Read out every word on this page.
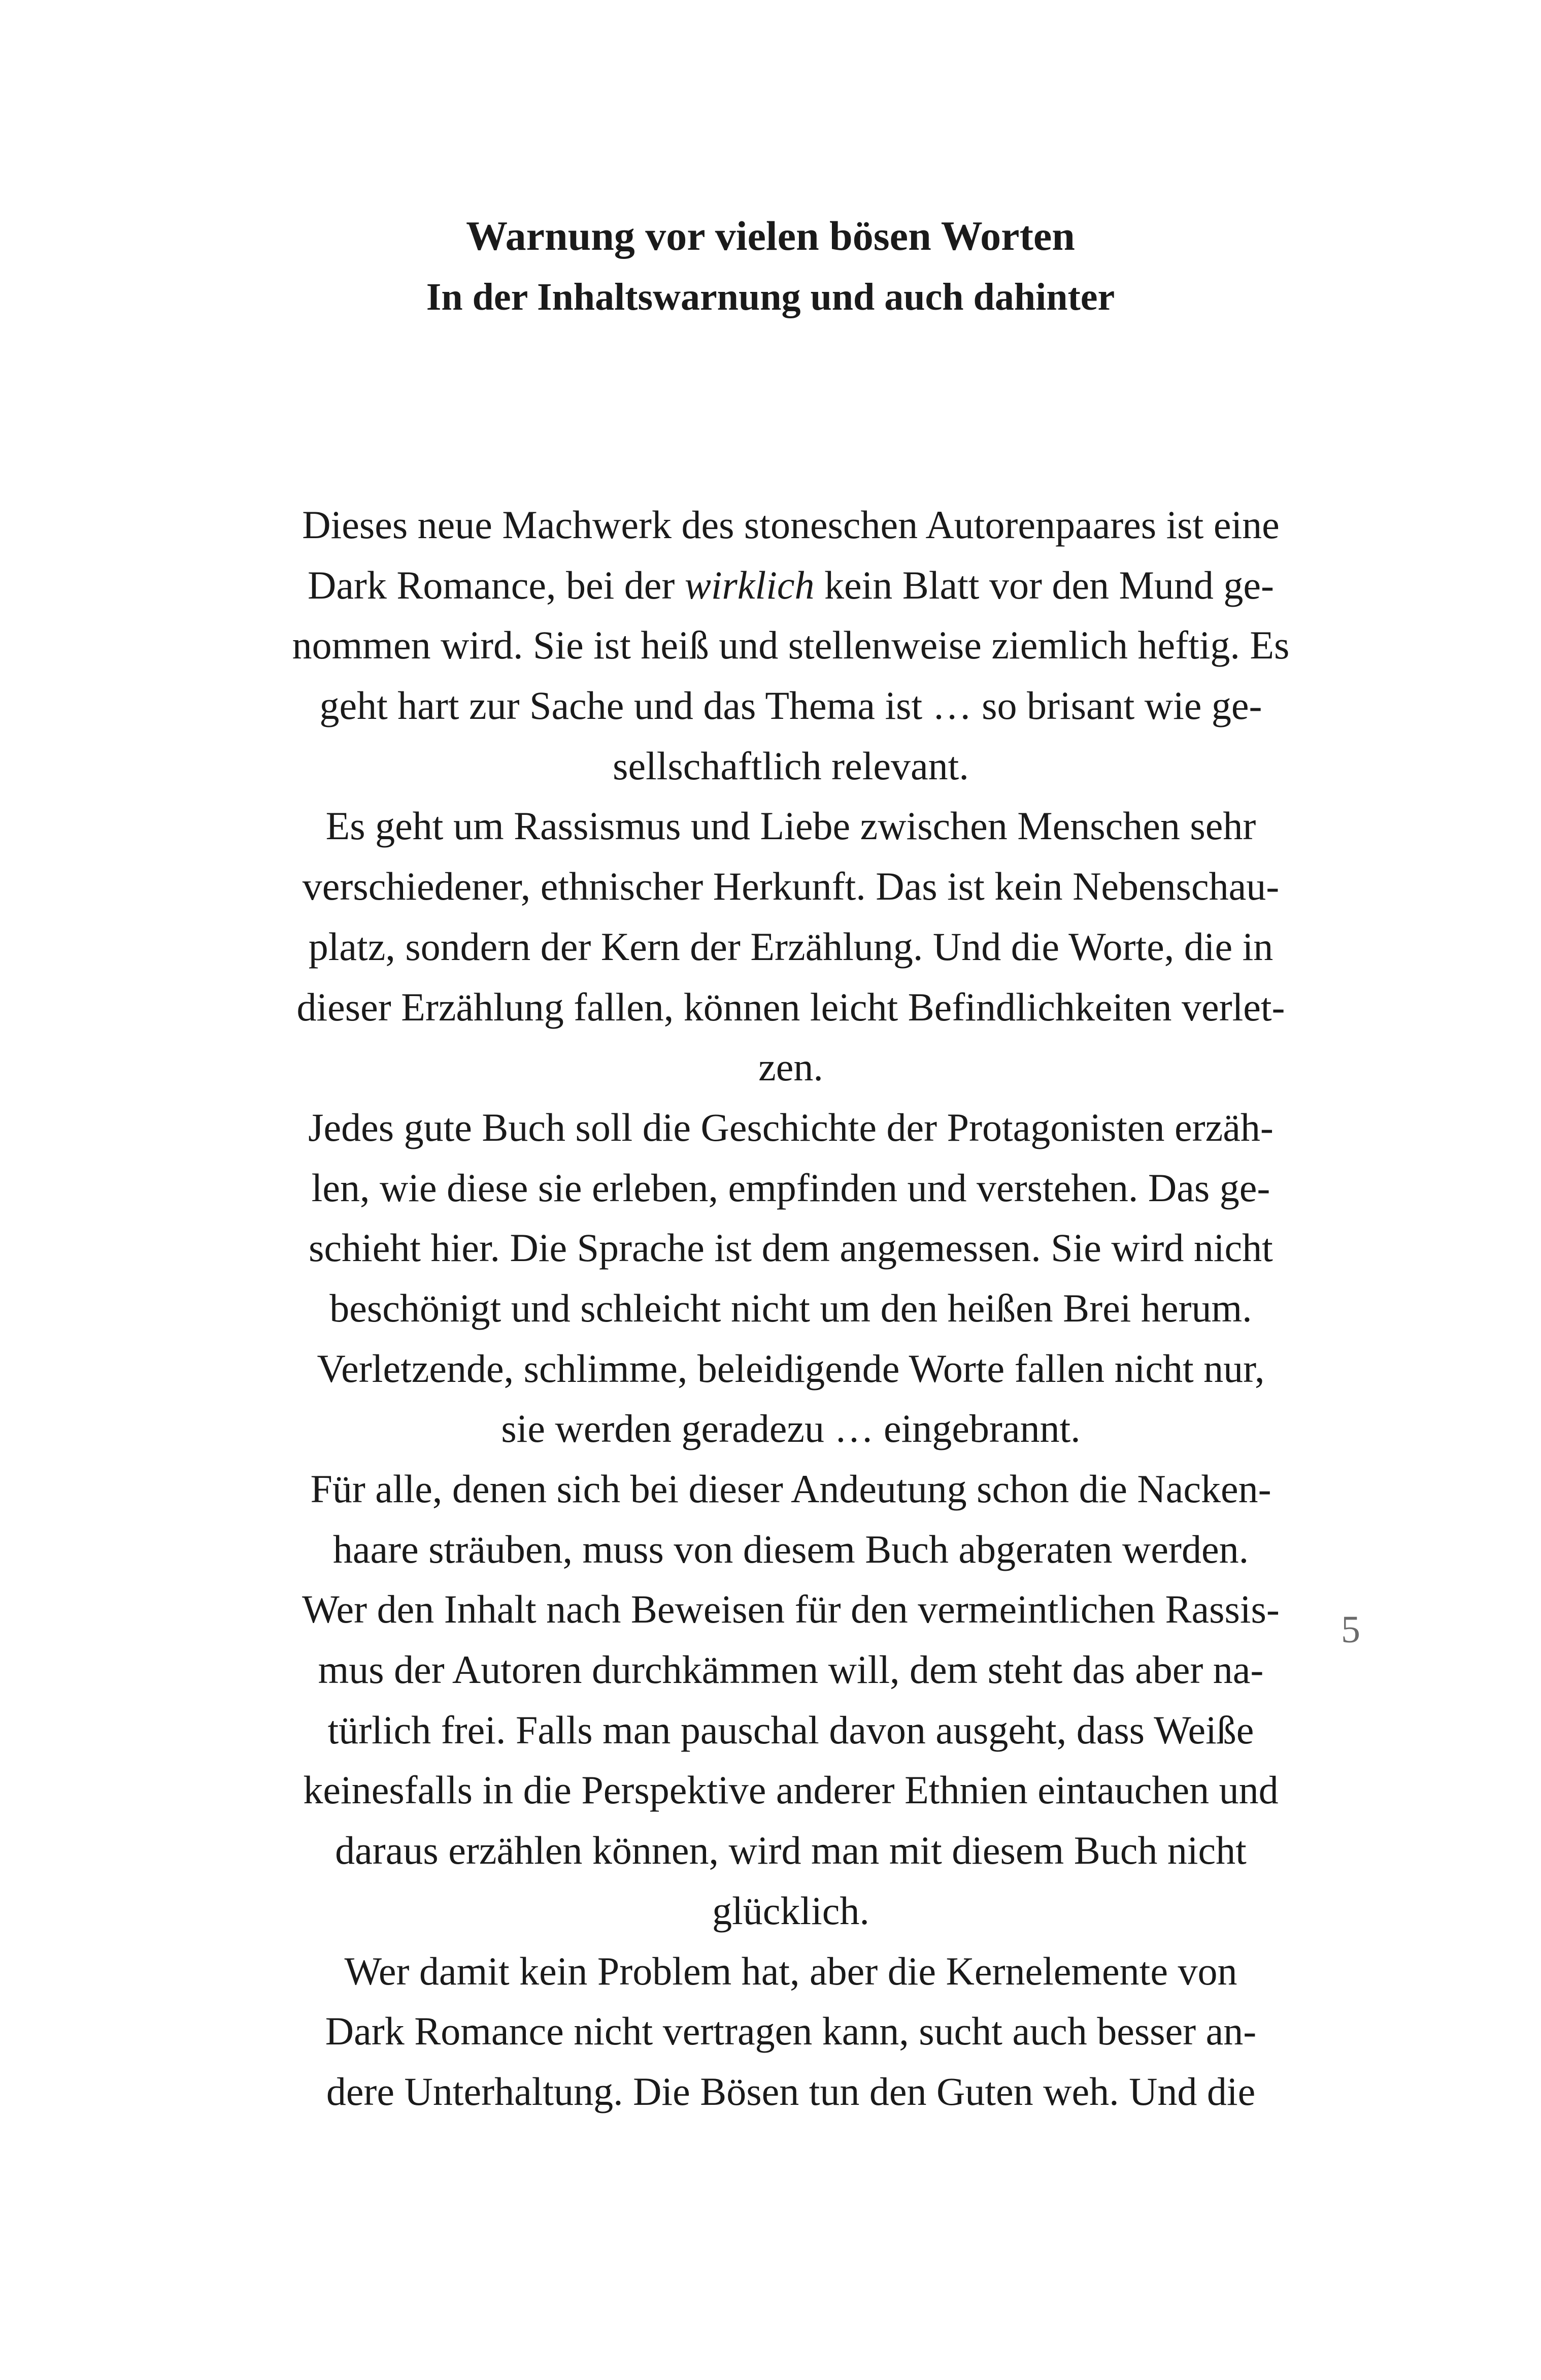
Warnung vor vielen bösen Worten
In der Inhaltswarnung und auch dahinter
Dieses neue Machwerk des stoneschen Autorenpaares ist eine
Dark Romance, bei der wirklich kein Blatt vor den Mund ge-
nommen wird. Sie ist heiß und stellenweise ziemlich heftig. Es
geht hart zur Sache und das Thema ist … so brisant wie ge-
sellschaftlich relevant.
Es geht um Rassismus und Liebe zwischen Menschen sehr
verschiedener, ethnischer Herkunft. Das ist kein Nebenschau-
platz, sondern der Kern der Erzählung. Und die Worte, die in
dieser Erzählung fallen, können leicht Befindlichkeiten verlet-
zen.
Jedes gute Buch soll die Geschichte der Protagonisten erzäh-
len, wie diese sie erleben, empfinden und verstehen. Das ge-
schieht hier. Die Sprache ist dem angemessen. Sie wird nicht
beschönigt und schleicht nicht um den heißen Brei herum.
Verletzende, schlimme, beleidigende Worte fallen nicht nur,
sie werden geradezu … eingebrannt.
Für alle, denen sich bei dieser Andeutung schon die Nacken-
haare sträuben, muss von diesem Buch abgeraten werden.
Wer den Inhalt nach Beweisen für den vermeintlichen Rassis-
mus der Autoren durchkämmen will, dem steht das aber na-
türlich frei. Falls man pauschal davon ausgeht, dass Weiße
keinesfalls in die Perspektive anderer Ethnien eintauchen und
daraus erzählen können, wird man mit diesem Buch nicht
glücklich.
Wer damit kein Problem hat, aber die Kernelemente von
Dark Romance nicht vertragen kann, sucht auch besser an-
dere Unterhaltung. Die Bösen tun den Guten weh. Und die
5
